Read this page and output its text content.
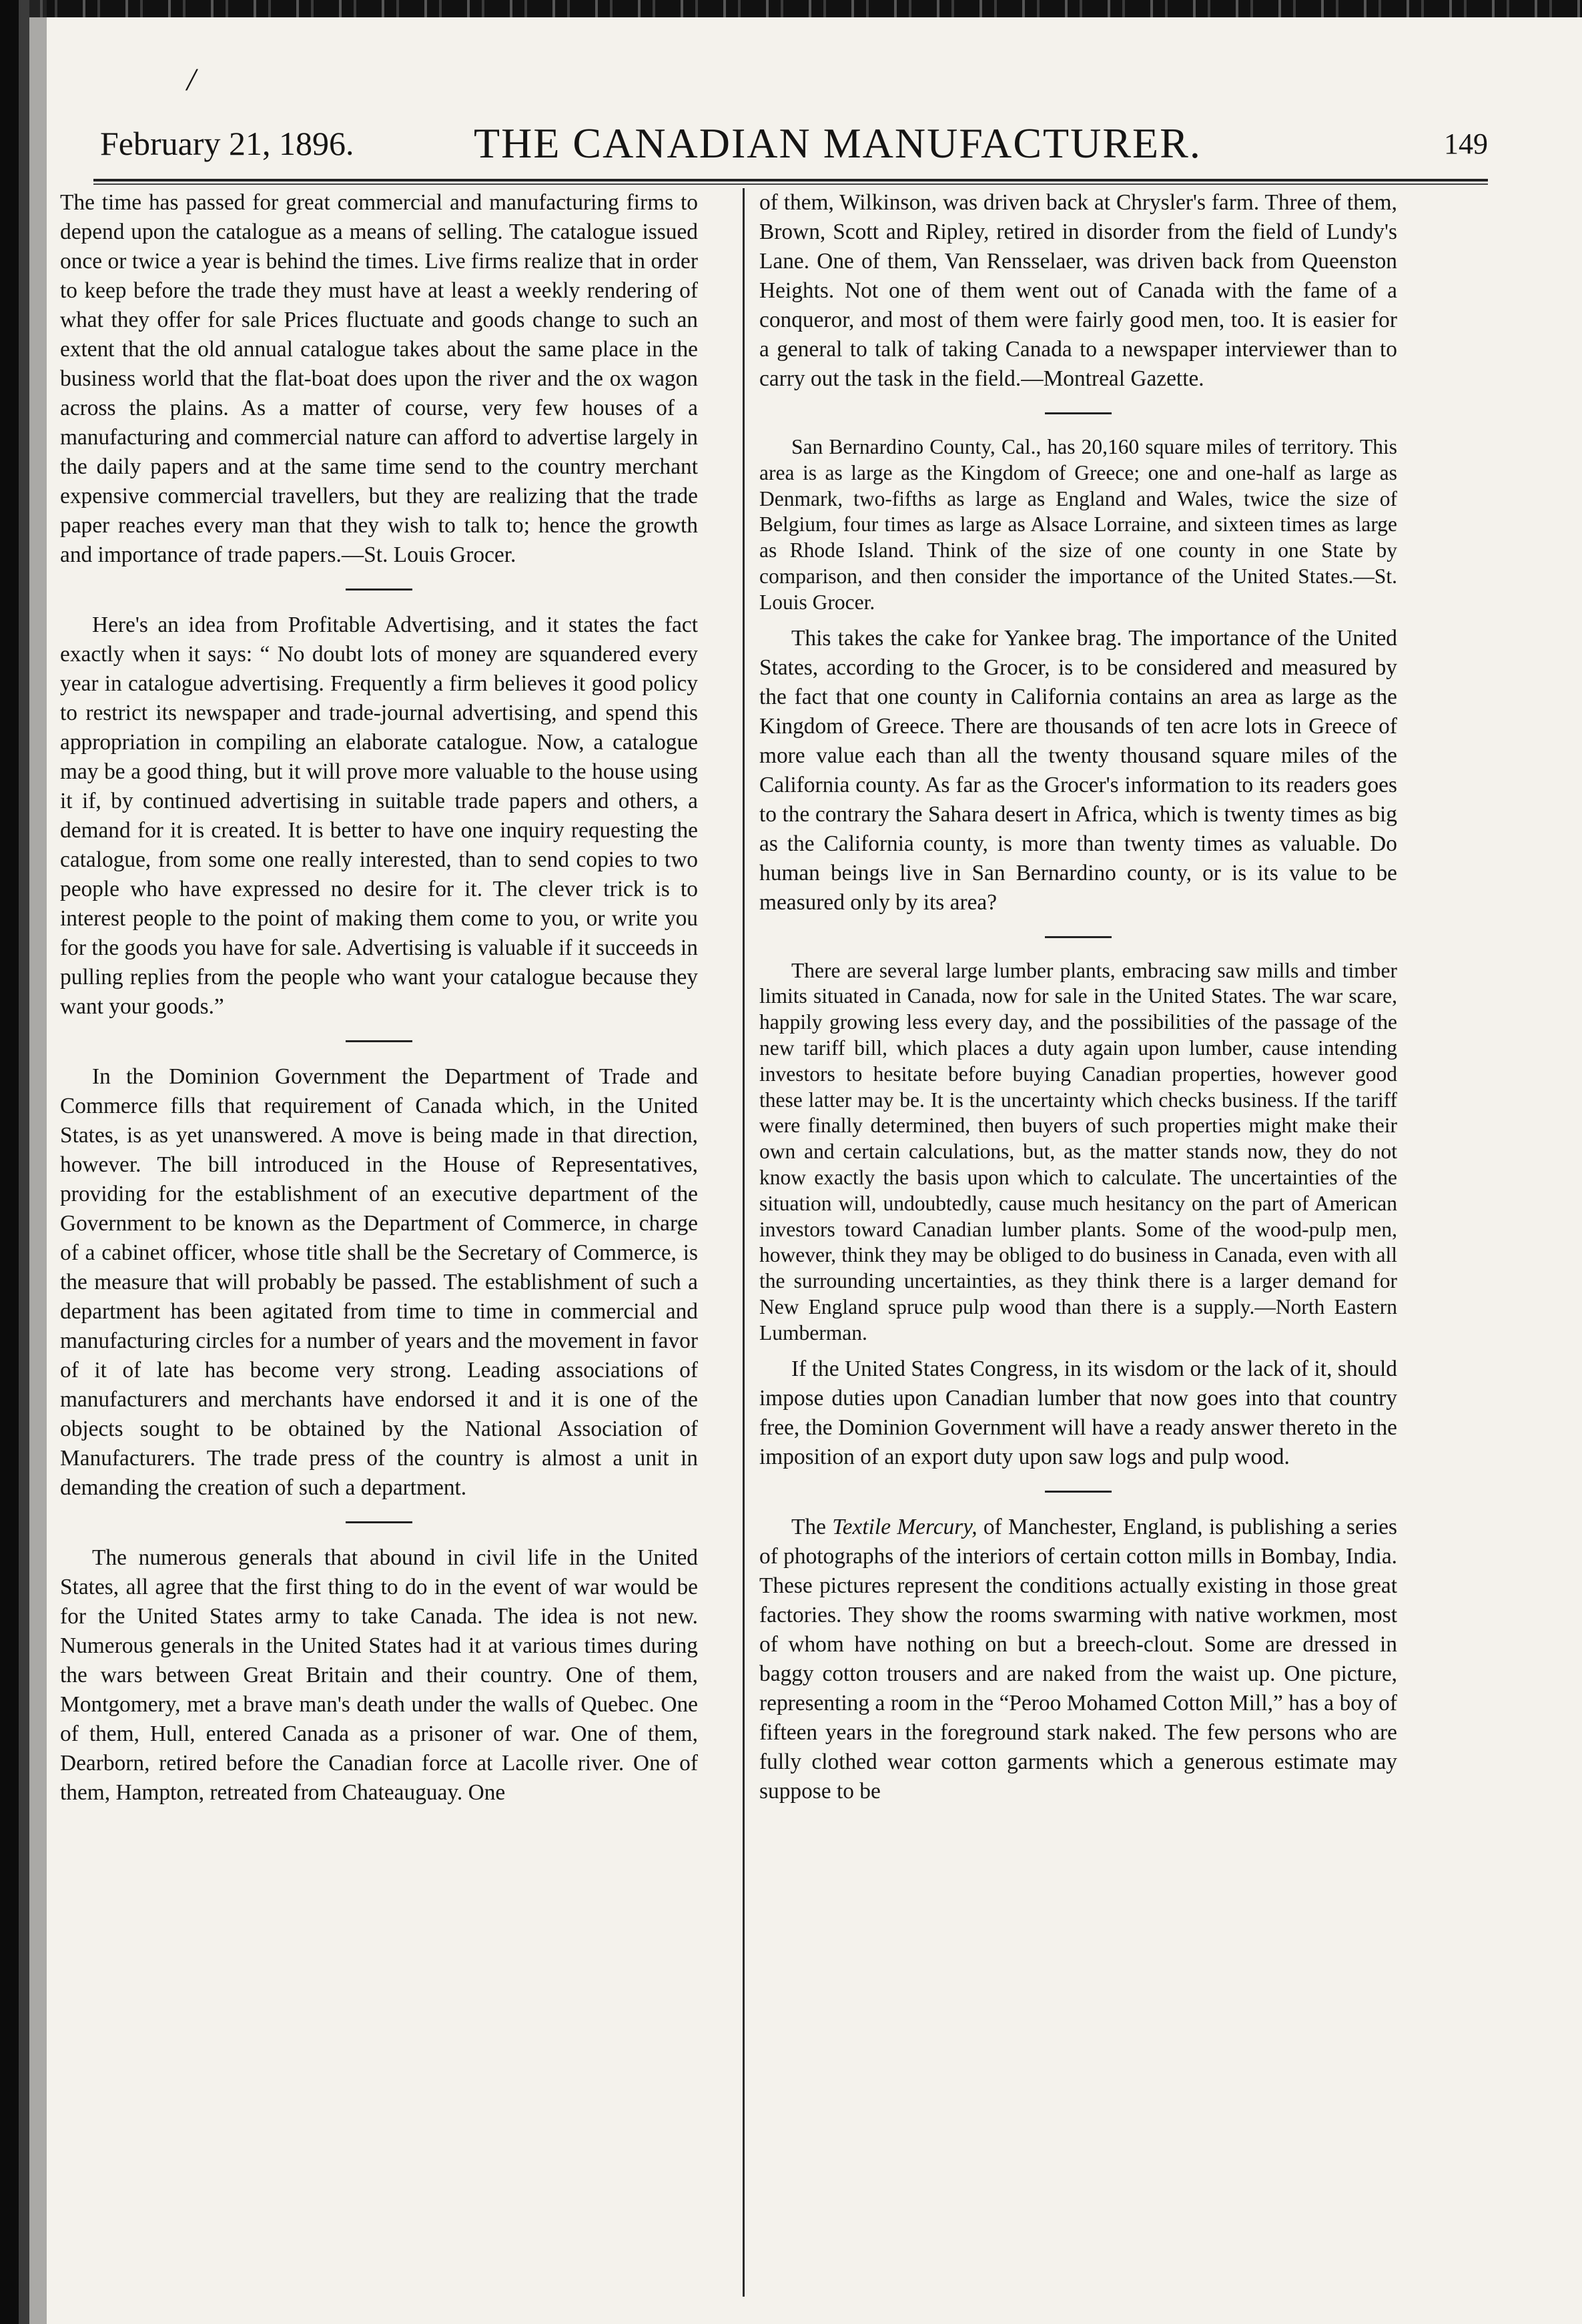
/
February 21, 1896.	THE CANADIAN MANUFACTURER.	149

The time has passed for great commercial and manufacturing firms to depend upon the catalogue as a means of selling. The catalogue issued once or twice a year is behind the times. Live firms realize that in order to keep before the trade they must have at least a weekly rendering of what they offer for sale Prices fluctuate and goods change to such an extent that the old annual catalogue takes about the same place in the business world that the flat-boat does upon the river and the ox wagon across the plains. As a matter of course, very few houses of a manufacturing and commercial nature can afford to advertise largely in the daily papers and at the same time send to the country merchant expensive commercial travellers, but they are realizing that the trade paper reaches every man that they wish to talk to; hence the growth and importance of trade papers.—St. Louis Grocer.

Here's an idea from Profitable Advertising, and it states the fact exactly when it says: “ No doubt lots of money are squandered every year in catalogue advertising. Frequently a firm believes it good policy to restrict its newspaper and trade-journal advertising, and spend this appropriation in compiling an elaborate catalogue. Now, a catalogue may be a good thing, but it will prove more valuable to the house using it if, by continued advertising in suitable trade papers and others, a demand for it is created. It is better to have one inquiry requesting the catalogue, from some one really interested, than to send copies to two people who have expressed no desire for it. The clever trick is to interest people to the point of making them come to you, or write you for the goods you have for sale. Advertising is valuable if it succeeds in pulling replies from the people who want your catalogue because they want your goods.”

In the Dominion Government the Department of Trade and Commerce fills that requirement of Canada which, in the United States, is as yet unanswered. A move is being made in that direction, however. The bill introduced in the House of Representatives, providing for the establishment of an executive department of the Government to be known as the Department of Commerce, in charge of a cabinet officer, whose title shall be the Secretary of Commerce, is the measure that will probably be passed. The establishment of such a department has been agitated from time to time in commercial and manufacturing circles for a number of years and the movement in favor of it of late has become very strong. Leading associations of manufacturers and merchants have endorsed it and it is one of the objects sought to be obtained by the National Association of Manufacturers. The trade press of the country is almost a unit in demanding the creation of such a department.

The numerous generals that abound in civil life in the United States, all agree that the first thing to do in the event of war would be for the United States army to take Canada. The idea is not new. Numerous generals in the United States had it at various times during the wars between Great Britain and their country. One of them, Montgomery, met a brave man's death under the walls of Quebec. One of them, Hull, entered Canada as a prisoner of war. One of them, Dearborn, retired before the Canadian force at Lacolle river. One of them, Hampton, retreated from Chateauguay. One

of them, Wilkinson, was driven back at Chrysler's farm. Three of them, Brown, Scott and Ripley, retired in disorder from the field of Lundy's Lane. One of them, Van Rensselaer, was driven back from Queenston Heights. Not one of them went out of Canada with the fame of a conqueror, and most of them were fairly good men, too. It is easier for a general to talk of taking Canada to a newspaper interviewer than to carry out the task in the field.—Montreal Gazette.

San Bernardino County, Cal., has 20,160 square miles of territory. This area is as large as the Kingdom of Greece; one and one-half as large as Denmark, two-fifths as large as England and Wales, twice the size of Belgium, four times as large as Alsace Lorraine, and sixteen times as large as Rhode Island. Think of the size of one county in one State by comparison, and then consider the importance of the United States.—St. Louis Grocer.

This takes the cake for Yankee brag. The importance of the United States, according to the Grocer, is to be considered and measured by the fact that one county in California contains an area as large as the Kingdom of Greece. There are thousands of ten acre lots in Greece of more value each than all the twenty thousand square miles of the California county. As far as the Grocer's information to its readers goes to the contrary the Sahara desert in Africa, which is twenty times as big as the California county, is more than twenty times as valuable. Do human beings live in San Bernardino county, or is its value to be measured only by its area?

There are several large lumber plants, embracing saw mills and timber limits situated in Canada, now for sale in the United States. The war scare, happily growing less every day, and the possibilities of the passage of the new tariff bill, which places a duty again upon lumber, cause intending investors to hesitate before buying Canadian properties, however good these latter may be. It is the uncertainty which checks business. If the tariff were finally determined, then buyers of such properties might make their own and certain calculations, but, as the matter stands now, they do not know exactly the basis upon which to calculate. The uncertainties of the situation will, undoubtedly, cause much hesitancy on the part of American investors toward Canadian lumber plants. Some of the wood-pulp men, however, think they may be obliged to do business in Canada, even with all the surrounding uncertainties, as they think there is a larger demand for New England spruce pulp wood than there is a supply.—North Eastern Lumberman.

If the United States Congress, in its wisdom or the lack of it, should impose duties upon Canadian lumber that now goes into that country free, the Dominion Government will have a ready answer thereto in the imposition of an export duty upon saw logs and pulp wood.

The Textile Mercury, of Manchester, England, is publishing a series of photographs of the interiors of certain cotton mills in Bombay, India. These pictures represent the conditions actually existing in those great factories. They show the rooms swarming with native workmen, most of whom have nothing on but a breech-clout. Some are dressed in baggy cotton trousers and are naked from the waist up. One picture, representing a room in the “Peroo Mohamed Cotton Mill,” has a boy of fifteen years in the foreground stark naked. The few persons who are fully clothed wear cotton garments which a generous estimate may suppose to be
